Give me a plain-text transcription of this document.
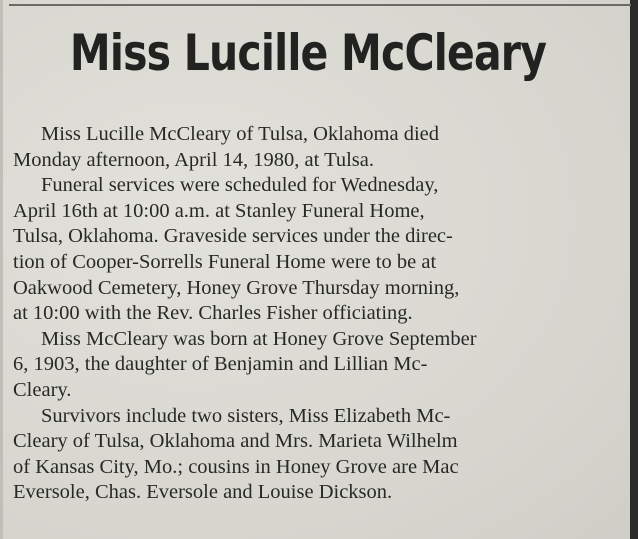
Miss Lucille McCleary
Miss Lucille McCleary of Tulsa, Oklahoma died
Monday afternoon, April 14, 1980, at Tulsa.
Funeral services were scheduled for Wednesday,
April 16th at 10:00 a.m. at Stanley Funeral Home,
Tulsa, Oklahoma. Graveside services under the direc-
tion of Cooper-Sorrells Funeral Home were to be at
Oakwood Cemetery, Honey Grove Thursday morning,
at 10:00 with the Rev. Charles Fisher officiating.
Miss McCleary was born at Honey Grove September
6, 1903, the daughter of Benjamin and Lillian Mc-
Cleary.
Survivors include two sisters, Miss Elizabeth Mc-
Cleary of Tulsa, Oklahoma and Mrs. Marieta Wilhelm
of Kansas City, Mo.; cousins in Honey Grove are Mac
Eversole, Chas. Eversole and Louise Dickson.
